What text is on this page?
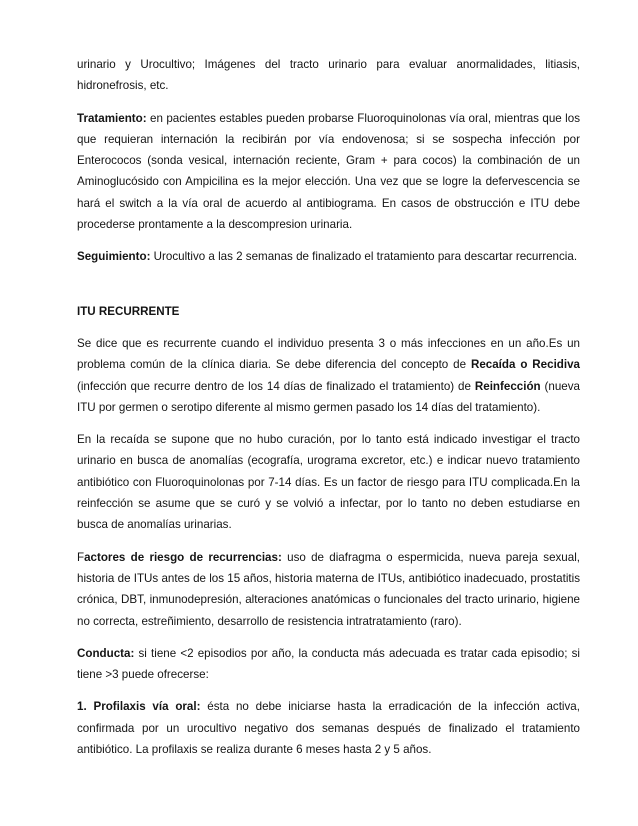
urinario y Urocultivo; Imágenes del tracto urinario para evaluar anormalidades, litiasis, hidronefrosis, etc.

Tratamiento: en pacientes estables pueden probarse Fluoroquinolonas vía oral, mientras que los que requieran internación la recibirán por vía endovenosa; si se sospecha infección por Enterococos (sonda vesical, internación reciente, Gram + para cocos) la combinación de un Aminoglucósido con Ampicilina es la mejor elección. Una vez que se logre la defervescencia se hará el switch a la vía oral de acuerdo al antibiograma. En casos de obstrucción e ITU debe procederse prontamente a la descompresion urinaria.

Seguimiento: Urocultivo a las 2 semanas de finalizado el tratamiento para descartar recurrencia.

ITU RECURRENTE

Se dice que es recurrente cuando el individuo presenta 3 o más infecciones en un año.Es un problema común de la clínica diaria. Se debe diferencia del concepto de Recaída o Recidiva (infección que recurre dentro de los 14 días de finalizado el tratamiento) de Reinfección (nueva ITU por germen o serotipo diferente al mismo germen pasado los 14 días del tratamiento).

En la recaída se supone que no hubo curación, por lo tanto está indicado investigar el tracto urinario en busca de anomalías (ecografía, urograma excretor, etc.) e indicar nuevo tratamiento antibiótico con Fluoroquinolonas por 7-14 días. Es un factor de riesgo para ITU complicada.En la reinfección se asume que se curó y se volvió a infectar, por lo tanto no deben estudiarse en busca de anomalías urinarias.

Factores de riesgo de recurrencias: uso de diafragma o espermicida, nueva pareja sexual, historia de ITUs antes de los 15 años, historia materna de ITUs, antibiótico inadecuado, prostatitis crónica, DBT, inmunodepresión, alteraciones anatómicas o funcionales del tracto urinario, higiene no correcta, estreñimiento, desarrollo de resistencia intratratamiento (raro).

Conducta: si tiene <2 episodios por año, la conducta más adecuada es tratar cada episodio; si tiene >3 puede ofrecerse:

1. Profilaxis vía oral: ésta no debe iniciarse hasta la erradicación de la infección activa, confirmada por un urocultivo negativo dos semanas después de finalizado el tratamiento antibiótico. La profilaxis se realiza durante 6 meses hasta 2 y 5 años.
